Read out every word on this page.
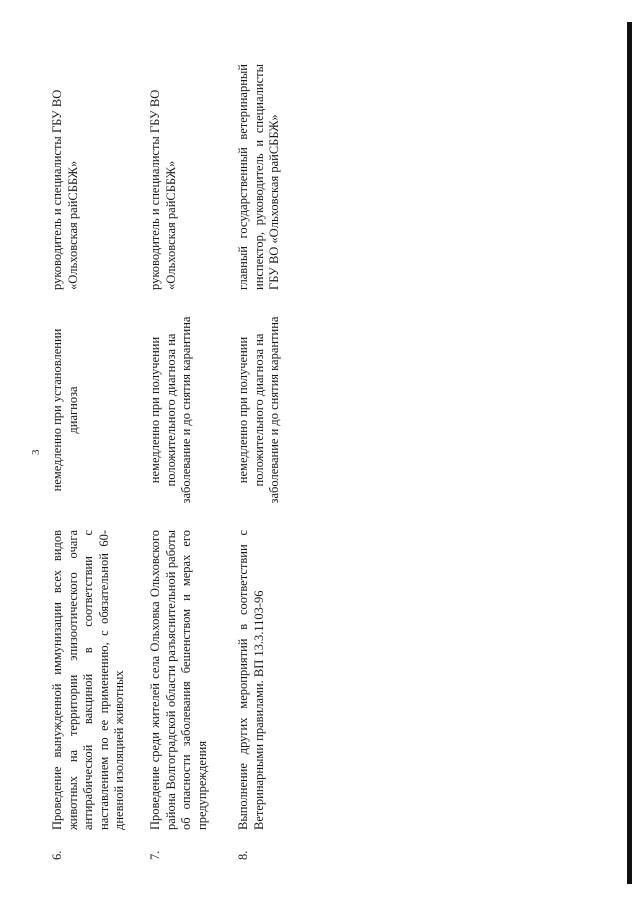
3
6.
Проведение вынужденной иммунизации всех видов животных на территории эпизоотического очага антирабической вакциной в соответствии с наставлением по ее применению, с обязательной 60-дневной изоляцией животных
немедленно при установлении диагноза
руководитель и специалисты ГБУ ВО «Ольховская райСББЖ»
7.
Проведение среди жителей села Ольховка Ольховского района Волгоградской области разъяснительной работы об опасности заболевания бешенством и мерах его предупреждения
немедленно при получении положительного диагноза на заболевание и до снятия карантина
руководитель и специалисты ГБУ ВО «Ольховская райСББЖ»
8.
Выполнение других мероприятий в соответствии с Ветеринарными правилами. ВП 13.3.1103-96
немедленно при получении положительного диагноза на заболевание и до снятия карантина
главный государственный ветеринарный инспектор, руководитель и специалисты ГБУ ВО «Ольховская райСББЖ»
